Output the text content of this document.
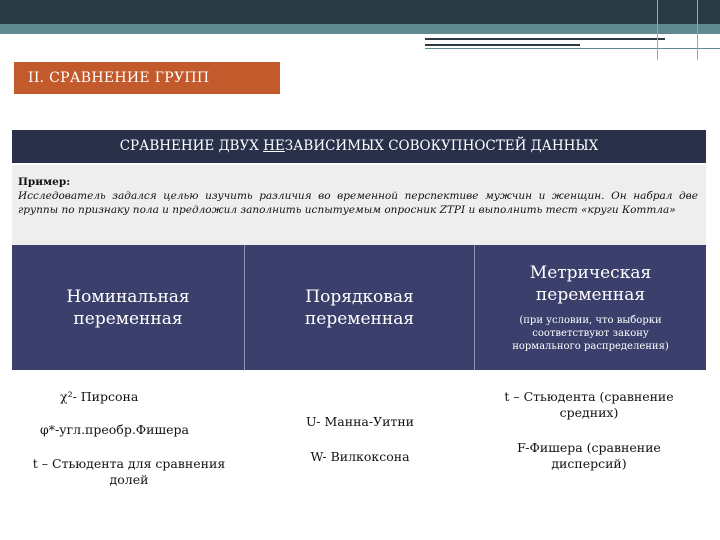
II. СРАВНЕНИЕ ГРУПП
СРАВНЕНИЕ ДВУХ НЕЗАВИСИМЫХ СОВОКУПНОСТЕЙ ДАННЫХ
Пример:
Исследователь задался целью изучить различия во временной перспективе мужчин и женщин. Он набрал две группы по признаку пола и предложил заполнить испытуемым опросник ZTPI и выполнить тест «круги Коттла»
Номинальная переменная
Порядковая переменная
Метрическая переменная
(при условии, что выборки соответствуют закону нормального распределения)
χ²- Пирсона
φ*-угл.преобр.Фишера
t – Стьюдента для сравнения долей
U- Манна-Уитни
W- Вилкоксона
t – Стьюдента (сравнение средних)
F-Фишера (сравнение дисперсий)
